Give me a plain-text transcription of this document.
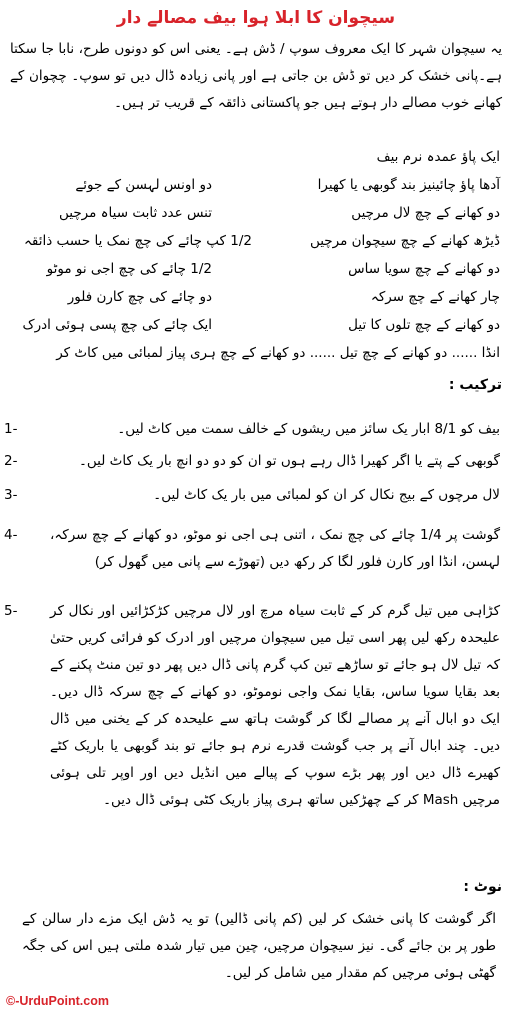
سیچوان کا ابلا ہوا بیف مصالے دار
یہ سیچوان شہر کا ایک معروف سوپ / ڈش ہے۔ یعنی اس کو دونوں طرح، نابا جا سکتا ہے۔پانی خشک کر دیں تو ڈش بن جاتی ہے اور پانی زیادہ ڈال دیں تو سوپ۔ چچوان کے کھانے خوب مصالے دار ہوتے ہیں جو پاکستانی ذائقہ کے قریب تر ہیں۔
ایک پاؤ عمدہ نرم بیف
آدھا پاؤ چائینیز بند گوبھی یا کھیرا
دو اونس لہسن کے جوئے
دو کھانے کے چچ لال مرچیں
تنس عدد ثابت سیاہ مرچیں
ڈیڑھ کھانے کے چچ سیچوان مرچیں
1/2 کپ چائے کی چچ نمک یا حسب ذائقہ
دو کھانے کے چچ سویا ساس
1/2 چائے کی چچ اجی نو موٹو
چار کھانے کے چچ سرکہ
دو چائے کی چچ کارن فلور
دو کھانے کے چچ تلوں کا تیل
ایک چائے کی چچ پسی ہوئی ادرک
انڈا ...... دو کھانے کے چچ تیل ...... دو کھانے کے چچ ہری پیاز لمبائی میں کاٹ کر
ترکیب :
1-	بیف کو 8/1 ابار یک سائز میں ریشوں کے خالف سمت میں کاٹ لیں۔
2-	گوبھی کے پتے یا اگر کھیرا ڈال رہے ہوں تو ان کو دو دو انچ بار یک کاٹ لیں۔
3-	لال مرچوں کے بیج نکال کر ان کو لمبائی میں بار یک کاٹ لیں۔
4-	گوشت پر 1/4 چائے کی چچ نمک ، اتنی ہی اجی نو موٹو، دو کھانے کے چچ سرکہ، لہسن، انڈا اور کارن فلور لگا کر رکھ دیں (تھوڑے سے پانی میں گھول کر)
5-	کڑاہی میں تیل گرم کر کے ثابت سیاہ مرچ اور لال مرچیں کڑکڑائیں اور نکال کر علیحدہ رکھ لیں پھر اسی تیل میں سیچوان مرچیں اور ادرک کو فرائی کریں حتیٰ کہ تیل لال ہو جائے تو ساڑھے تین کپ گرم پانی ڈال دیں پھر دو تین منٹ پکنے کے بعد بقایا سویا ساس، بقایا نمک واجی نوموٹو، دو کھانے کے چچ سرکہ ڈال دیں۔ایک دو ابال آنے پر مصالے لگا کر گوشت ہاتھ سے علیحدہ کر کے یخنی میں ڈال دیں۔ چند ابال آنے پر جب گوشت قدرے نرم ہو جائے تو بند گوبھی یا باریک کٹے کھیرے ڈال دیں اور پھر بڑے سوپ کے پیالے میں انڈیل دیں اور اوپر تلی ہوئی مرچیں Mash کر کے چھڑکیں ساتھ ہری پیاز باریک کٹی ہوئی ڈال دیں۔
نوٹ :
اگر گوشت کا پانی خشک کر لیں (کم پانی ڈالیں) تو یہ ڈش ایک مزے دار سالن کے طور پر بن جائے گی۔ نیز سیچوان مرچیں، چین میں تیار شدہ ملتی ہیں اس کی جگہ گھٹی ہوئی مرچیں کم مقدار میں شامل کر لیں۔
©-UrduPoint.com
